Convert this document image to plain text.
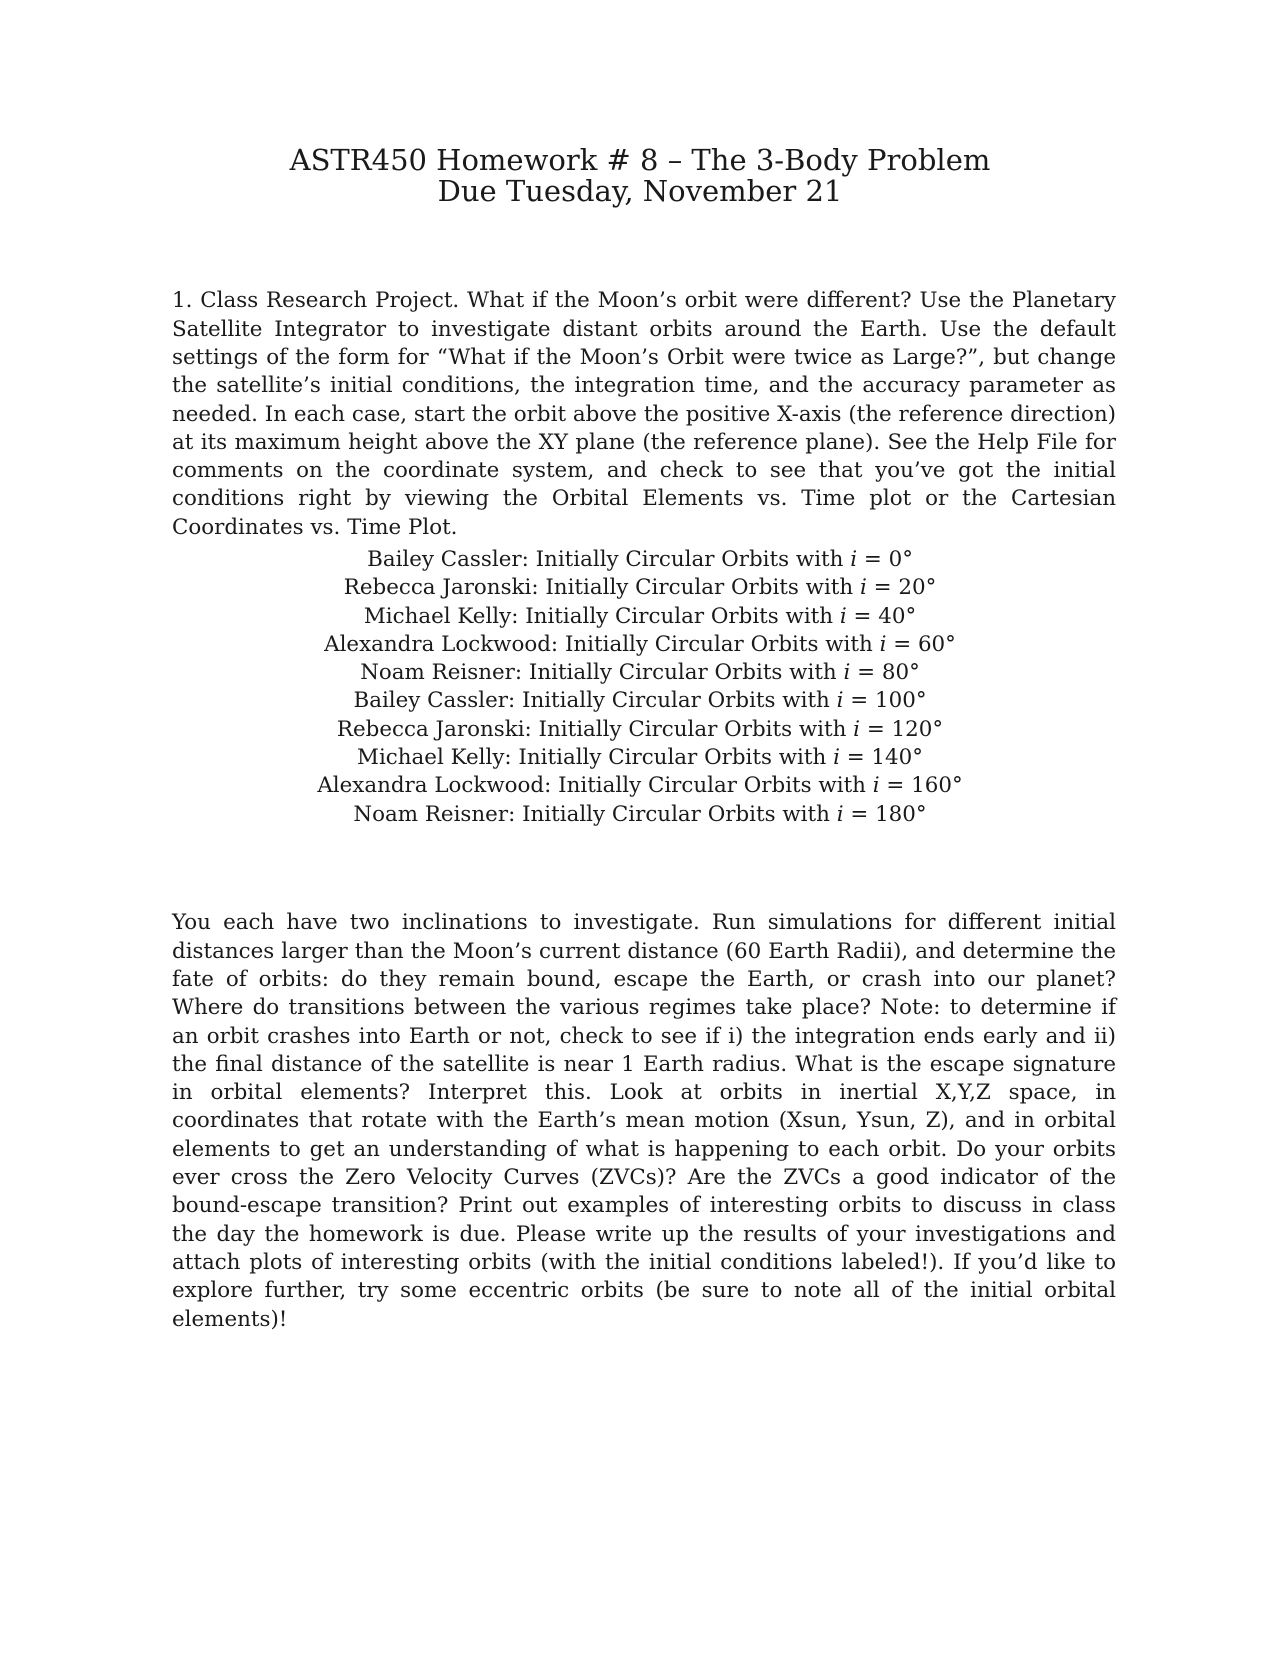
ASTR450 Homework # 8 – The 3-Body Problem
Due Tuesday, November 21

1. Class Research Project. What if the Moon’s orbit were different? Use the Planetary Satellite Integrator to investigate distant orbits around the Earth. Use the default settings of the form for “What if the Moon’s Orbit were twice as Large?”, but change the satellite’s initial conditions, the integration time, and the accuracy parameter as needed. In each case, start the orbit above the positive X-axis (the reference direction) at its maximum height above the XY plane (the reference plane). See the Help File for comments on the coordinate system, and check to see that you’ve got the initial conditions right by viewing the Orbital Elements vs. Time plot or the Cartesian Coordinates vs. Time Plot.

Bailey Cassler: Initially Circular Orbits with i = 0°
Rebecca Jaronski: Initially Circular Orbits with i = 20°
Michael Kelly: Initially Circular Orbits with i = 40°
Alexandra Lockwood: Initially Circular Orbits with i = 60°
Noam Reisner: Initially Circular Orbits with i = 80°
Bailey Cassler: Initially Circular Orbits with i = 100°
Rebecca Jaronski: Initially Circular Orbits with i = 120°
Michael Kelly: Initially Circular Orbits with i = 140°
Alexandra Lockwood: Initially Circular Orbits with i = 160°
Noam Reisner: Initially Circular Orbits with i = 180°

You each have two inclinations to investigate. Run simulations for different initial distances larger than the Moon’s current distance (60 Earth Radii), and determine the fate of orbits: do they remain bound, escape the Earth, or crash into our planet? Where do transitions between the various regimes take place? Note: to determine if an orbit crashes into Earth or not, check to see if i) the integration ends early and ii) the final distance of the satellite is near 1 Earth radius. What is the escape signature in orbital elements? Interpret this. Look at orbits in inertial X,Y,Z space, in coordinates that rotate with the Earth’s mean motion (Xsun, Ysun, Z), and in orbital elements to get an understanding of what is happening to each orbit. Do your orbits ever cross the Zero Velocity Curves (ZVCs)? Are the ZVCs a good indicator of the bound-escape transition? Print out examples of interesting orbits to discuss in class the day the homework is due. Please write up the results of your investigations and attach plots of interesting orbits (with the initial conditions labeled!). If you’d like to explore further, try some eccentric orbits (be sure to note all of the initial orbital elements)!
